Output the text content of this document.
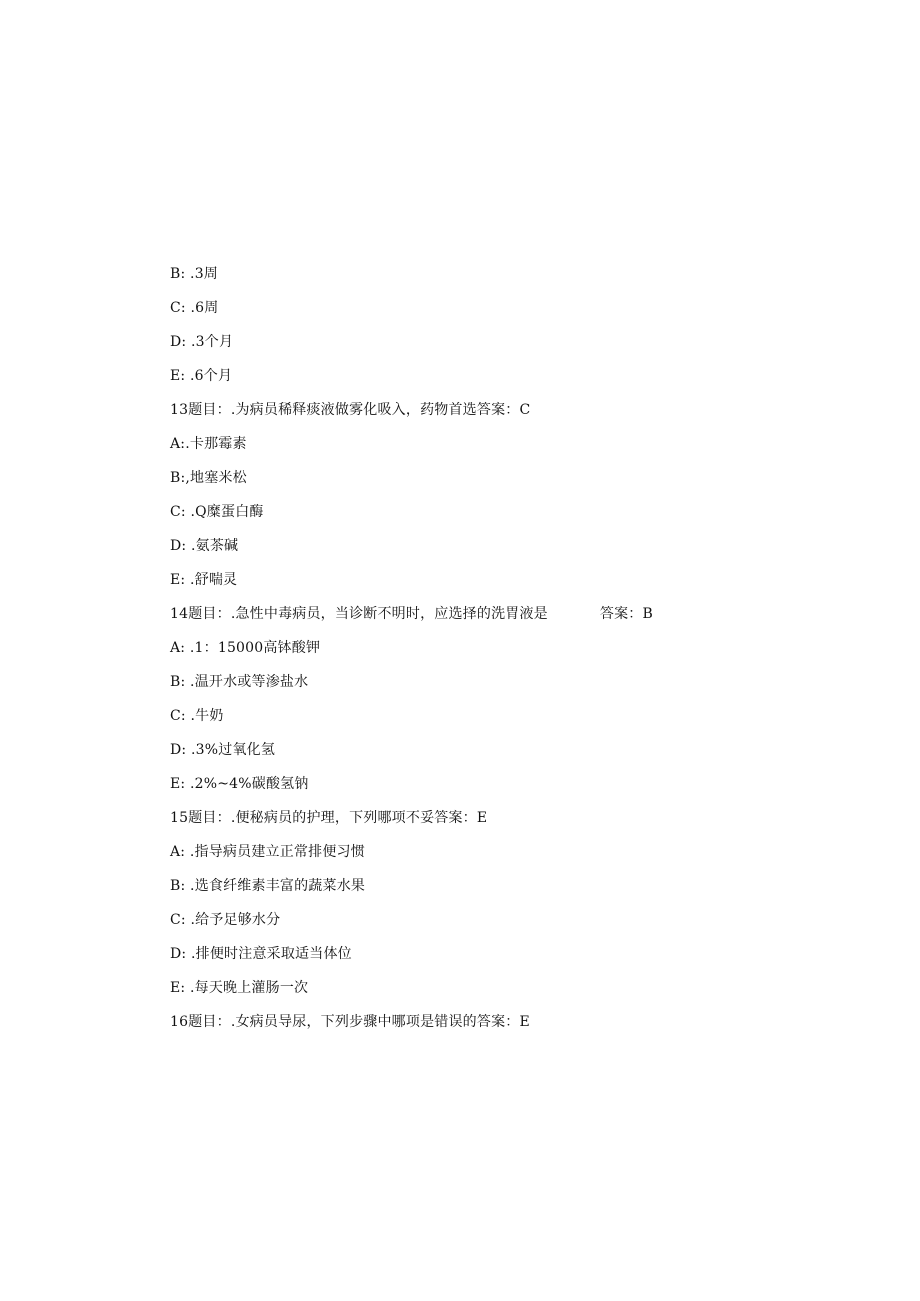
B: .3周
C: .6周
D: .3个月
E: .6个月
13题目：.为病员稀释痰液做雾化吸入，药物首选答案：C
A:.卡那霉素
B:,地塞米松
C: .Q糜蛋白酶
D: .氨茶碱
E: .舒喘灵
14题目：.急性中毒病员，当诊断不明时，应选择的洗胃液是	答案：B
A: .1：15000高钵酸钾
B: .温开水或等渗盐水
C: .牛奶
D: .3%过氧化氢
E: .2%~4%碳酸氢钠
15题目：.便秘病员的护理，下列哪项不妥答案：E
A: .指导病员建立正常排便习惯
B: .选食纤维素丰富的蔬菜水果
C: .给予足够水分
D: .排便时注意采取适当体位
E: .每天晚上灌肠一次
16题目：.女病员导尿，下列步骤中哪项是错误的答案：E
